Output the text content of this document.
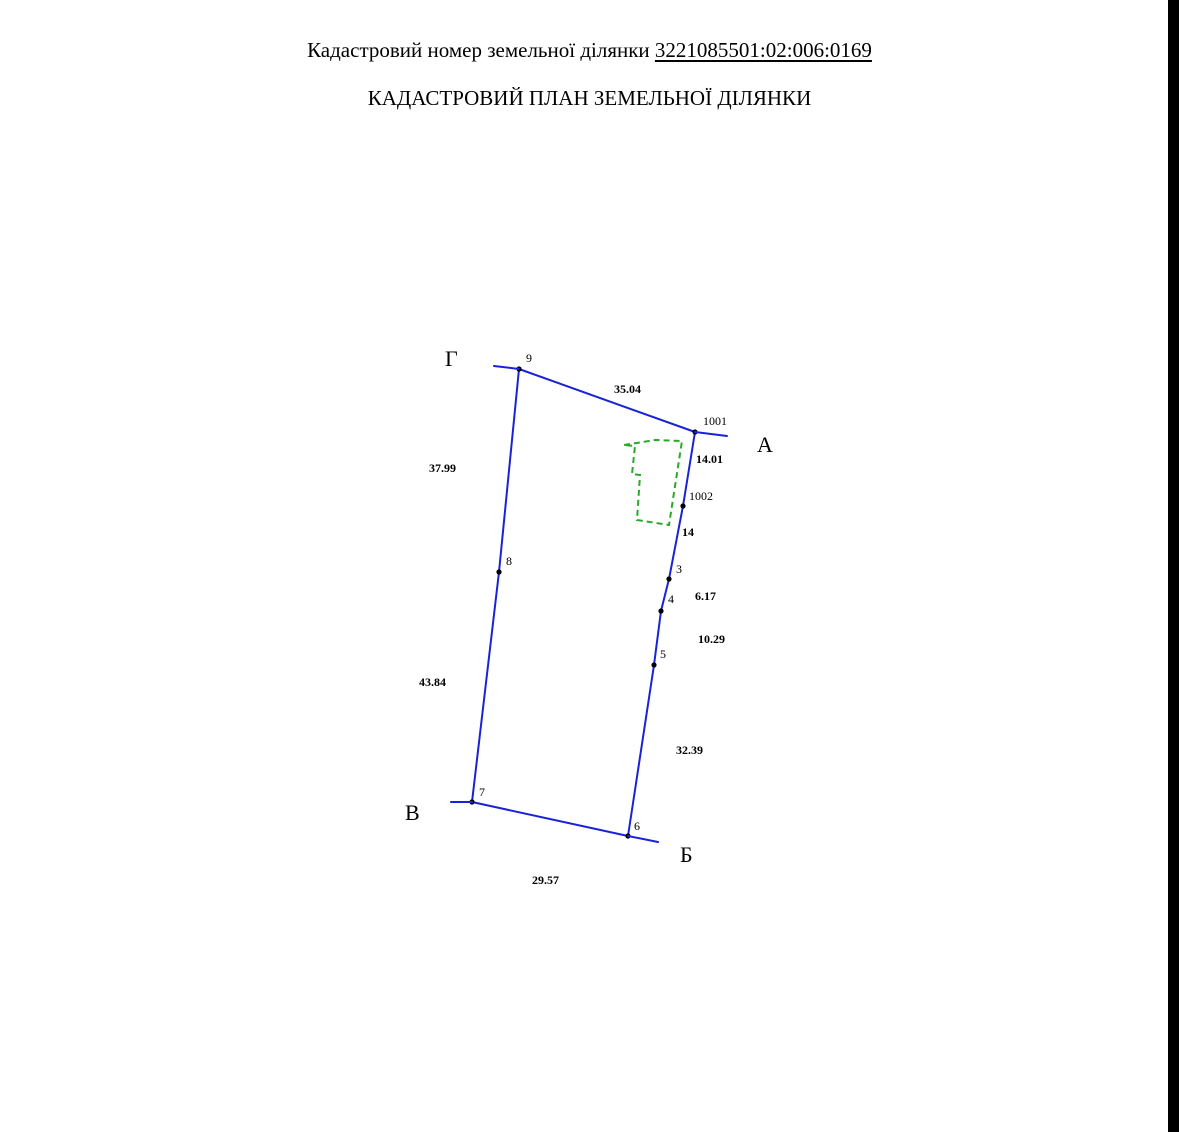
Кадастровий номер земельної ділянки 3221085501:02:006:0169
КАДАСТРОВИЙ ПЛАН ЗЕМЕЛЬНОЇ ДІЛЯНКИ
9
1001
1002
3
4
5
6
7
8
35.04
14.01
14
6.17
10.29
32.39
29.57
43.84
37.99
А
Б
В
Г
